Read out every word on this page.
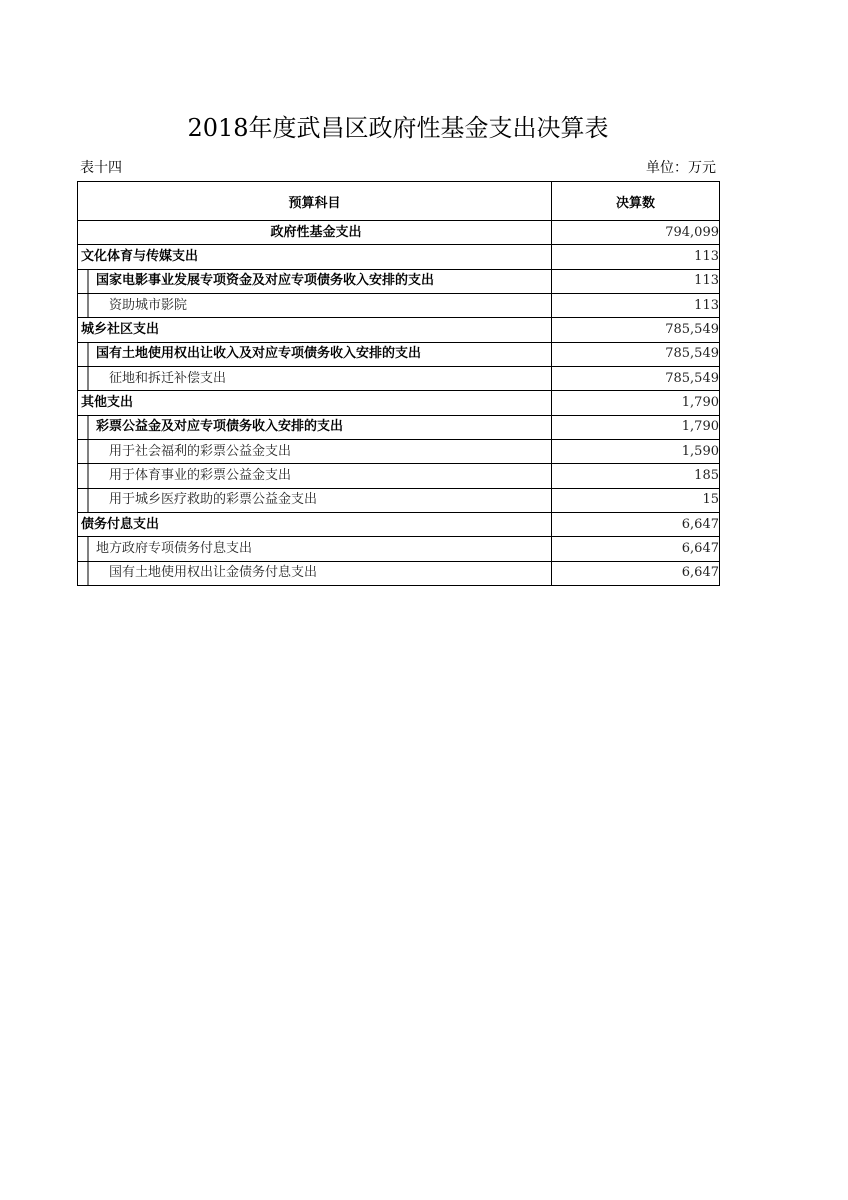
2018年度武昌区政府性基金支出决算表
表十四	单位：万元
预算科目	决算数
政府性基金支出	794,099
文化体育与传媒支出	113
国家电影事业发展专项资金及对应专项债务收入安排的支出	113
资助城市影院	113
城乡社区支出	785,549
国有土地使用权出让收入及对应专项债务收入安排的支出	785,549
征地和拆迁补偿支出	785,549
其他支出	1,790
彩票公益金及对应专项债务收入安排的支出	1,790
用于社会福利的彩票公益金支出	1,590
用于体育事业的彩票公益金支出	185
用于城乡医疗救助的彩票公益金支出	15
债务付息支出	6,647
地方政府专项债务付息支出	6,647
国有土地使用权出让金债务付息支出	6,647
